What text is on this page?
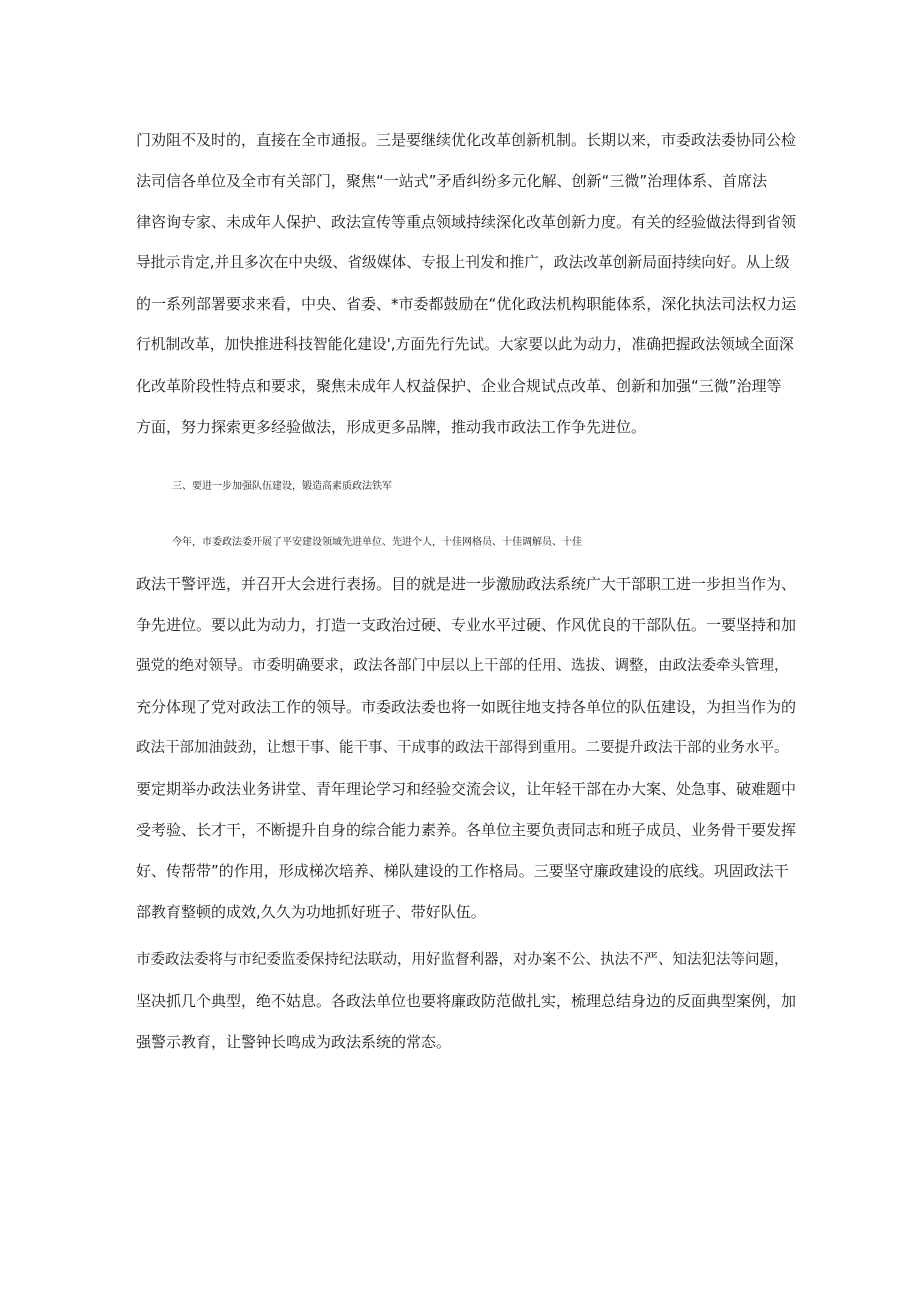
门劝阻不及时的，直接在全市通报。三是要继续优化改革创新机制。长期以来，市委政法委协同公检

法司信各单位及全市有关部门，聚焦“一站式”矛盾纠纷多元化解、创新“三微”治理体系、首席法

律咨询专家、未成年人保护、政法宣传等重点领域持续深化改革创新力度。有关的经验做法得到省领

导批示肯定,并且多次在中央级、省级媒体、专报上刊发和推广，政法改革创新局面持续向好。从上级

的一系列部署要求来看，中央、省委、*市委都鼓励在“优化政法机构职能体系，深化执法司法权力运

行机制改革，加快推进科技智能化建设',方面先行先试。大家要以此为动力，准确把握政法领域全面深

化改革阶段性特点和要求，聚焦未成年人权益保护、企业合规试点改革、创新和加强“三微”治理等

方面，努力探索更多经验做法，形成更多品牌，推动我市政法工作争先进位。

三、要进一步加强队伍建设，锻造高素质政法铁军

今年，市委政法委开展了平安建设领域先进单位、先进个人，十佳网格员、十佳调解员、十佳

政法干警评选，并召开大会进行表扬。目的就是进一步激励政法系统广大干部职工进一步担当作为、

争先进位。要以此为动力，打造一支政治过硬、专业水平过硬、作风优良的干部队伍。一要坚持和加

强党的绝对领导。市委明确要求，政法各部门中层以上干部的任用、选拔、调整，由政法委牵头管理，

充分体现了党对政法工作的领导。市委政法委也将一如既往地支持各单位的队伍建设，为担当作为的

政法干部加油鼓劲，让想干事、能干事、干成事的政法干部得到重用。二要提升政法干部的业务水平。

要定期举办政法业务讲堂、青年理论学习和经验交流会议，让年轻干部在办大案、处急事、破难题中

受考验、长才干，不断提升自身的综合能力素养。各单位主要负责同志和班子成员、业务骨干要发挥

好、传帮带”的作用，形成梯次培养、梯队建设的工作格局。三要坚守廉政建设的底线。巩固政法干

部教育整顿的成效,久久为功地抓好班子、带好队伍。

市委政法委将与市纪委监委保持纪法联动，用好监督利器，对办案不公、执法不严、知法犯法等问题，

坚决抓几个典型，绝不姑息。各政法单位也要将廉政防范做扎实，梳理总结身边的反面典型案例，加

强警示教育，让警钟长鸣成为政法系统的常态。
